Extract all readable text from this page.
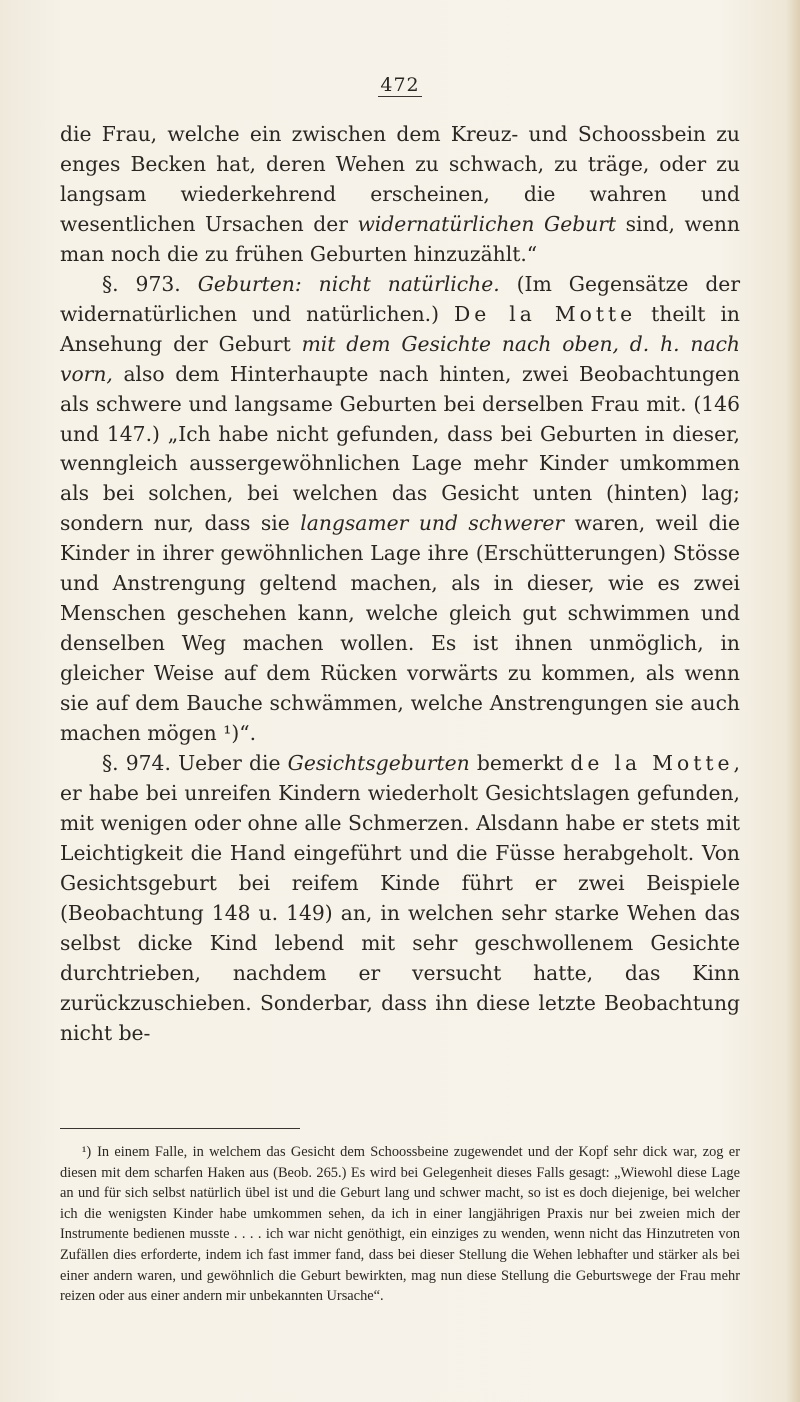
472

die Frau, welche ein zwischen dem Kreuz- und Schoossbein zu enges Becken hat, deren Wehen zu schwach, zu träge, oder zu langsam wiederkehrend erscheinen, die wahren und wesentlichen Ursachen der widernatürlichen Geburt sind, wenn man noch die zu frühen Geburten hinzuzählt.“

§. 973. Geburten: nicht natürliche. (Im Gegensätze der widernatürlichen und natürlichen.) De la Motte theilt in Ansehung der Geburt mit dem Gesichte nach oben, d. h. nach vorn, also dem Hinterhaupte nach hinten, zwei Beobachtungen als schwere und langsame Geburten bei derselben Frau mit. (146 und 147.) „Ich habe nicht gefunden, dass bei Geburten in dieser, wenngleich aussergewöhnlichen Lage mehr Kinder umkommen als bei solchen, bei welchen das Gesicht unten (hinten) lag; sondern nur, dass sie langsamer und schwerer waren, weil die Kinder in ihrer gewöhnlichen Lage ihre (Erschütterungen) Stösse und Anstrengung geltend machen, als in dieser, wie es zwei Menschen geschehen kann, welche gleich gut schwimmen und denselben Weg machen wollen. Es ist ihnen unmöglich, in gleicher Weise auf dem Rücken vorwärts zu kommen, als wenn sie auf dem Bauche schwämmen, welche Anstrengungen sie auch machen mögen ¹)“.

§. 974. Ueber die Gesichtsgeburten bemerkt de la Motte, er habe bei unreifen Kindern wiederholt Gesichtslagen gefunden, mit wenigen oder ohne alle Schmerzen. Alsdann habe er stets mit Leichtigkeit die Hand eingeführt und die Füsse herabgeholt. Von Gesichtsgeburt bei reifem Kinde führt er zwei Beispiele (Beobachtung 148 u. 149) an, in welchen sehr starke Wehen das selbst dicke Kind lebend mit sehr geschwollenem Gesichte durchtrieben, nachdem er versucht hatte, das Kinn zurückzuschieben. Sonderbar, dass ihn diese letzte Beobachtung nicht be-

¹) In einem Falle, in welchem das Gesicht dem Schoossbeine zugewendet und der Kopf sehr dick war, zog er diesen mit dem scharfen Haken aus (Beob. 265.) Es wird bei Gelegenheit dieses Falls gesagt: „Wiewohl diese Lage an und für sich selbst natürlich übel ist und die Geburt lang und schwer macht, so ist es doch diejenige, bei welcher ich die wenigsten Kinder habe umkommen sehen, da ich in einer langjährigen Praxis nur bei zweien mich der Instrumente bedienen musste . . . . ich war nicht genöthigt, ein einziges zu wenden, wenn nicht das Hinzutreten von Zufällen dies erforderte, indem ich fast immer fand, dass bei dieser Stellung die Wehen lebhafter und stärker als bei einer andern waren, und gewöhnlich die Geburt bewirkten, mag nun diese Stellung die Geburtswege der Frau mehr reizen oder aus einer andern mir unbekannten Ursache“.
